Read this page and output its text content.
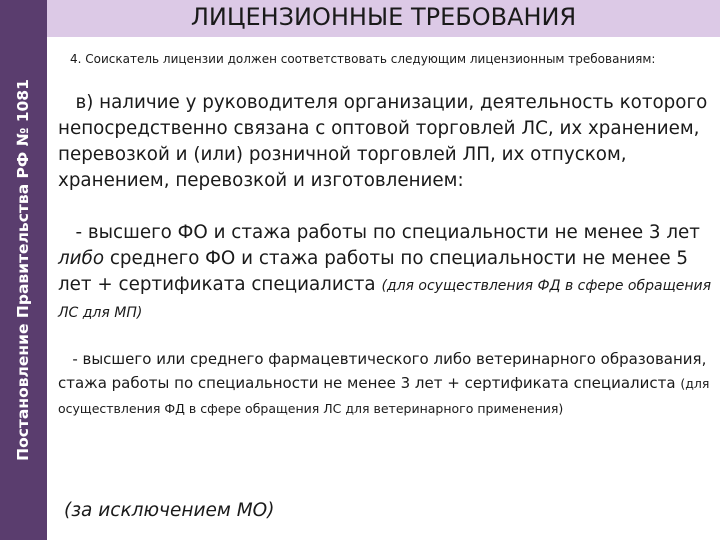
Постановление Правительства РФ № 1081
ЛИЦЕНЗИОННЫЕ ТРЕБОВАНИЯ

4. Соискатель лицензии должен соответствовать следующим лицензионным требованиям:

в) наличие у руководителя организации, деятельность которого непосредственно связана с оптовой торговлей ЛС, их хранением, перевозкой и (или) розничной торговлей ЛП, их отпуском, хранением, перевозкой и изготовлением:

- высшего ФО и стажа работы по специальности не менее 3 лет либо среднего ФО и стажа работы по специальности не менее 5 лет + сертификата специалиста (для осуществления ФД в сфере обращения ЛС для МП)

- высшего или среднего фармацевтического либо ветеринарного образования, стажа работы по специальности не менее 3 лет + сертификата специалиста (для осуществления ФД в сфере обращения ЛС для ветеринарного применения)

(за исключением МО)
